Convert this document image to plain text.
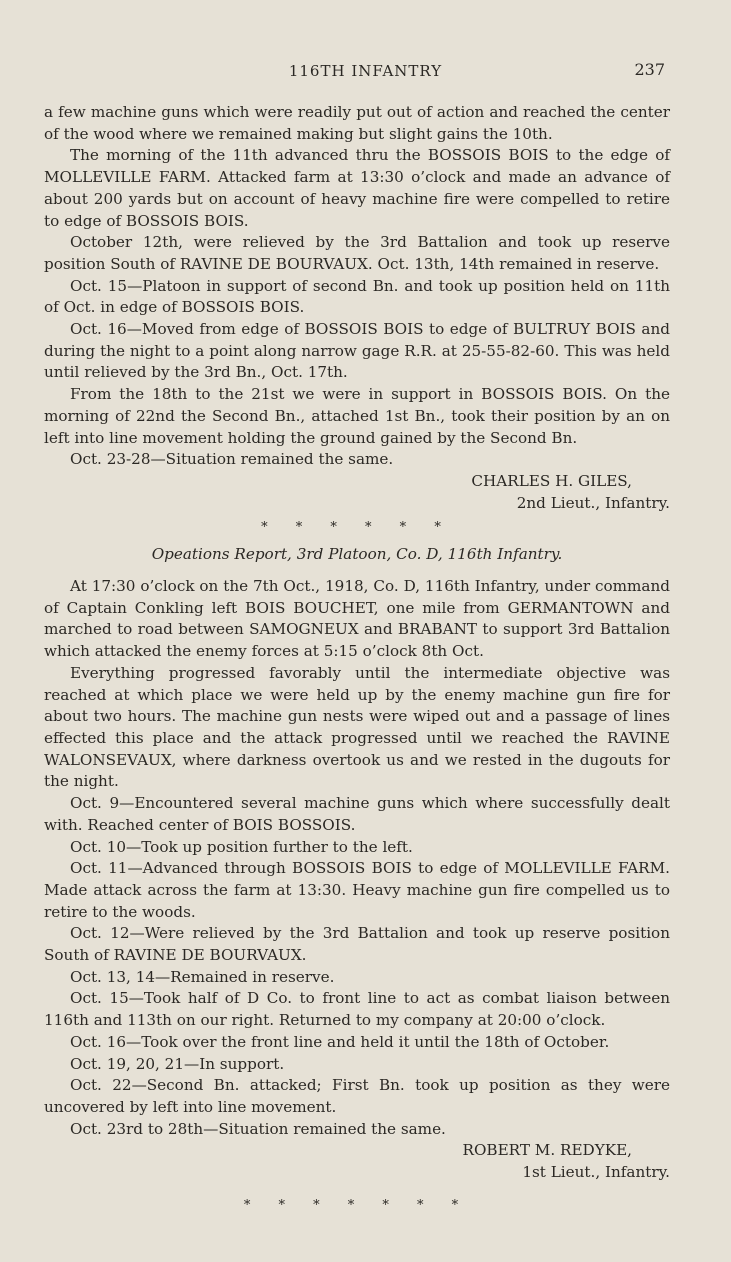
116TH INFANTRY	237

a few machine guns which were readily put out of action and reached the center of the wood where we remained making but slight gains the 10th.

The morning of the 11th advanced thru the BOSSOIS BOIS to the edge of MOLLEVILLE FARM. Attacked farm at 13:30 o’clock and made an advance of about 200 yards but on account of heavy machine fire were compelled to retire to edge of BOSSOIS BOIS.

October 12th, were relieved by the 3rd Battalion and took up reserve position South of RAVINE DE BOURVAUX. Oct. 13th, 14th remained in reserve.

Oct. 15—Platoon in support of second Bn. and took up position held on 11th of Oct. in edge of BOSSOIS BOIS.

Oct. 16—Moved from edge of BOSSOIS BOIS to edge of BULTRUY BOIS and during the night to a point along narrow gage R.R. at 25-55-82-60. This was held until relieved by the 3rd Bn., Oct. 17th.

From the 18th to the 21st we were in support in BOSSOIS BOIS. On the morning of 22nd the Second Bn., attached 1st Bn., took their position by an on left into line movement holding the ground gained by the Second Bn.

Oct. 23-28—Situation remained the same.

CHARLES H. GILES,
2nd Lieut., Infantry.
* * * * * *
Opeations Report, 3rd Platoon, Co. D, 116th Infantry.

At 17:30 o’clock on the 7th Oct., 1918, Co. D, 116th Infantry, under command of Captain Conkling left BOIS BOUCHET, one mile from GERMANTOWN and marched to road between SAMOGNEUX and BRABANT to support 3rd Battalion which attacked the enemy forces at 5:15 o’clock 8th Oct.

Everything progressed favorably until the intermediate objective was reached at which place we were held up by the enemy machine gun fire for about two hours. The machine gun nests were wiped out and a passage of lines effected this place and the attack progressed until we reached the RAVINE WALONSEVAUX, where darkness overtook us and we rested in the dugouts for the night.

Oct. 9—Encountered several machine guns which where successfully dealt with. Reached center of BOIS BOSSOIS.

Oct. 10—Took up position further to the left.

Oct. 11—Advanced through BOSSOIS BOIS to edge of MOLLEVILLE FARM. Made attack across the farm at 13:30. Heavy machine gun fire compelled us to retire to the woods.

Oct. 12—Were relieved by the 3rd Battalion and took up reserve position South of RAVINE DE BOURVAUX.

Oct. 13, 14—Remained in reserve.

Oct. 15—Took half of D Co. to front line to act as combat liaison between 116th and 113th on our right. Returned to my company at 20:00 o’clock.

Oct. 16—Took over the front line and held it until the 18th of October.

Oct. 19, 20, 21—In support.

Oct. 22—Second Bn. attacked; First Bn. took up position as they were uncovered by left into line movement.

Oct. 23rd to 28th—Situation remained the same.

ROBERT M. REDYKE,
1st Lieut., Infantry.
* * * * * * *
